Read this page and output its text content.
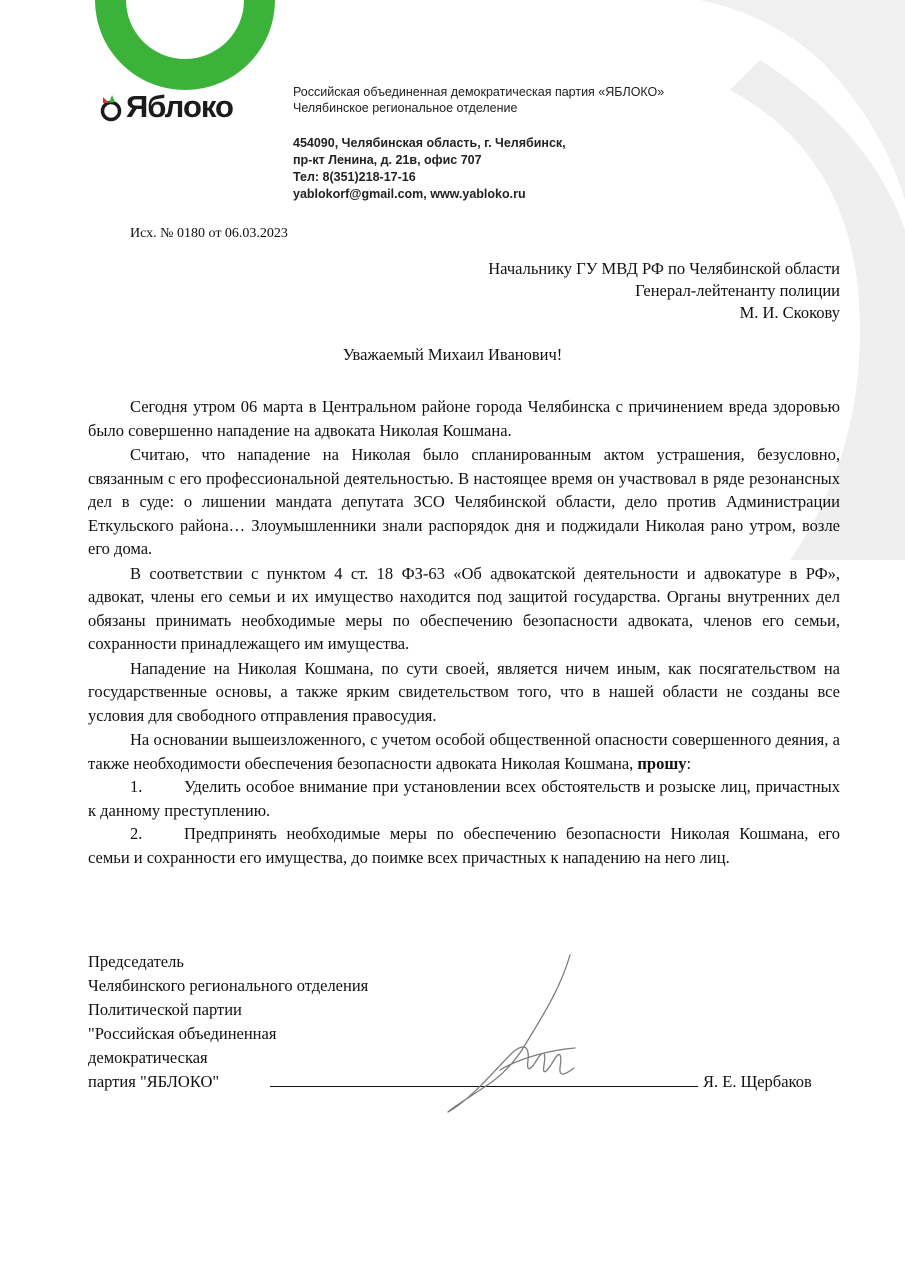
Яблоко	Российская объединенная демократическая партия «ЯБЛОКО»
Челябинское региональное отделение
454090, Челябинская область, г. Челябинск,
пр-кт Ленина, д. 21в, офис 707
Тел: 8(351)218-17-16
yablokorf@gmail.com, www.yabloko.ru
Исх. № 0180 от 06.03.2023
Начальнику ГУ МВД РФ по Челябинской области
Генерал-лейтенанту полиции
М. И. Скокову
Уважаемый Михаил Иванович!

Сегодня утром 06 марта в Центральном районе города Челябинска с причинением вреда здоровью было совершенно нападение на адвоката Николая Кошмана.

Считаю, что нападение на Николая было спланированным актом устрашения, безусловно, связанным с его профессиональной деятельностью. В настоящее время он участвовал в ряде резонансных дел в суде: о лишении мандата депутата ЗСО Челябинской области, дело против Администрации Еткульского района… Злоумышленники знали распорядок дня и поджидали Николая рано утром, возле его дома.

В соответствии с пунктом 4 ст. 18 ФЗ-63 «Об адвокатской деятельности и адвокатуре в РФ», адвокат, члены его семьи и их имущество находится под защитой государства. Органы внутренних дел обязаны принимать необходимые меры по обеспечению безопасности адвоката, членов его семьи, сохранности принадлежащего им имущества.

Нападение на Николая Кошмана, по сути своей, является ничем иным, как посягательством на государственные основы, а также ярким свидетельством того, что в нашей области не созданы все условия для свободного отправления правосудия.

На основании вышеизложенного, с учетом особой общественной опасности совершенного деяния, а также необходимости обеспечения безопасности адвоката Николая Кошмана, прошу:

1.	Уделить особое внимание при установлении всех обстоятельств и розыске лиц, причастных к данному преступлению.
2.	Предпринять необходимые меры по обеспечению безопасности Николая Кошмана, его семьи и сохранности его имущества, до поимке всех причастных к нападению на него лиц.
Председатель
Челябинского регионального отделения
Политической партии
"Российская объединенная
демократическая
партия "ЯБЛОКО"	Я. Е. Щербаков
